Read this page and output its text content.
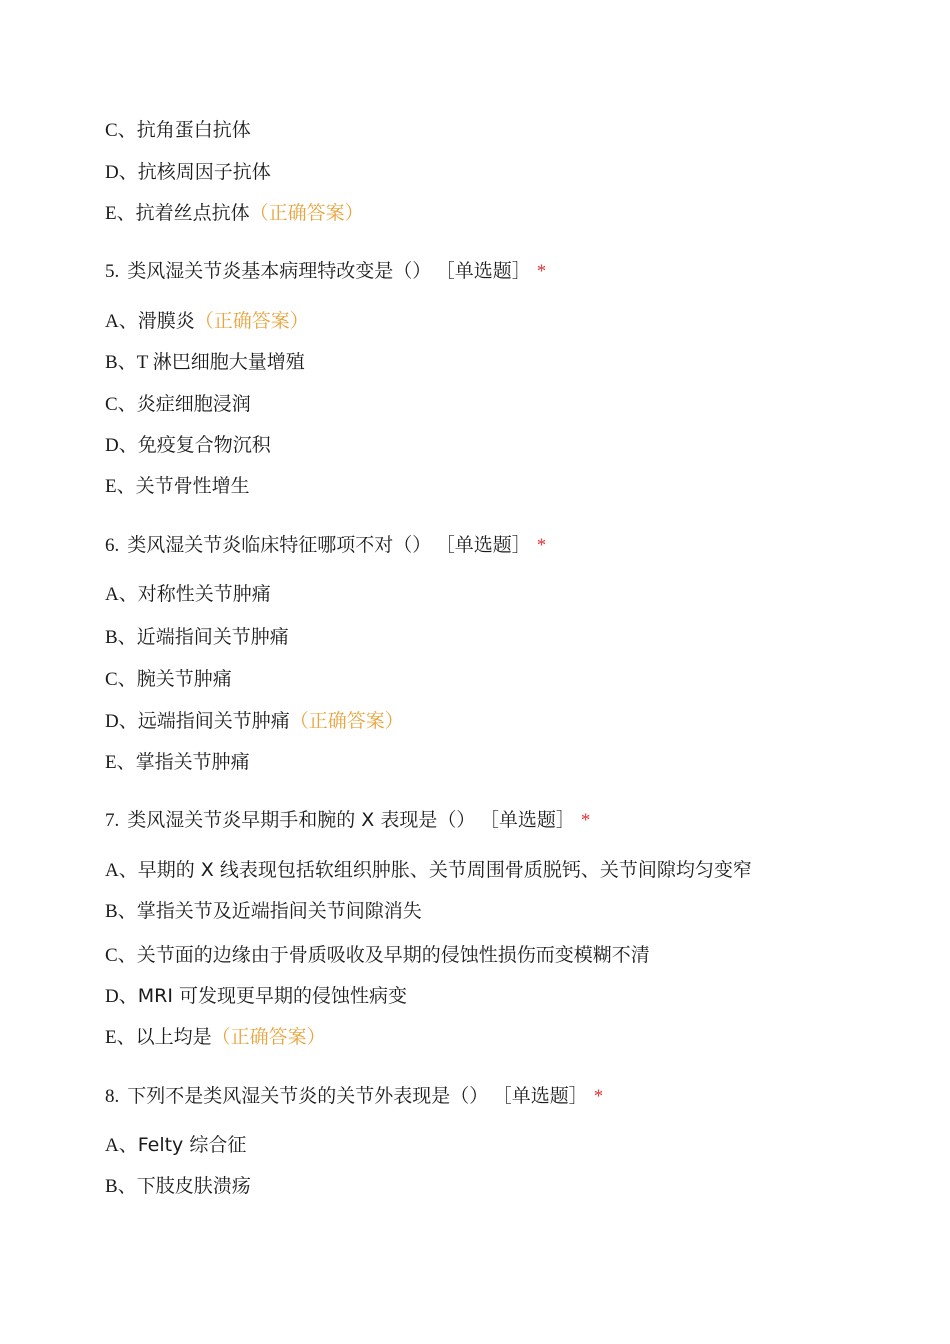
C、抗角蛋白抗体
D、抗核周因子抗体
E、抗着丝点抗体（正确答案）
5. 类风湿关节炎基本病理特改变是（） ［单选题］ *
A、滑膜炎（正确答案）
B、T 淋巴细胞大量增殖
C、炎症细胞浸润
D、免疫复合物沉积
E、关节骨性增生
6. 类风湿关节炎临床特征哪项不对（） ［单选题］ *
A、对称性关节肿痛
B、近端指间关节肿痛
C、腕关节肿痛
D、远端指间关节肿痛（正确答案）
E、掌指关节肿痛
7. 类风湿关节炎早期手和腕的 X 表现是（） ［单选题］ *
A、早期的 X 线表现包括软组织肿胀、关节周围骨质脱钙、关节间隙均匀变窄
B、掌指关节及近端指间关节间隙消失
C、关节面的边缘由于骨质吸收及早期的侵蚀性损伤而变模糊不清
D、MRI 可发现更早期的侵蚀性病变
E、以上均是（正确答案）
8. 下列不是类风湿关节炎的关节外表现是（） ［单选题］ *
A、Felty 综合征
B、下肢皮肤溃疡
